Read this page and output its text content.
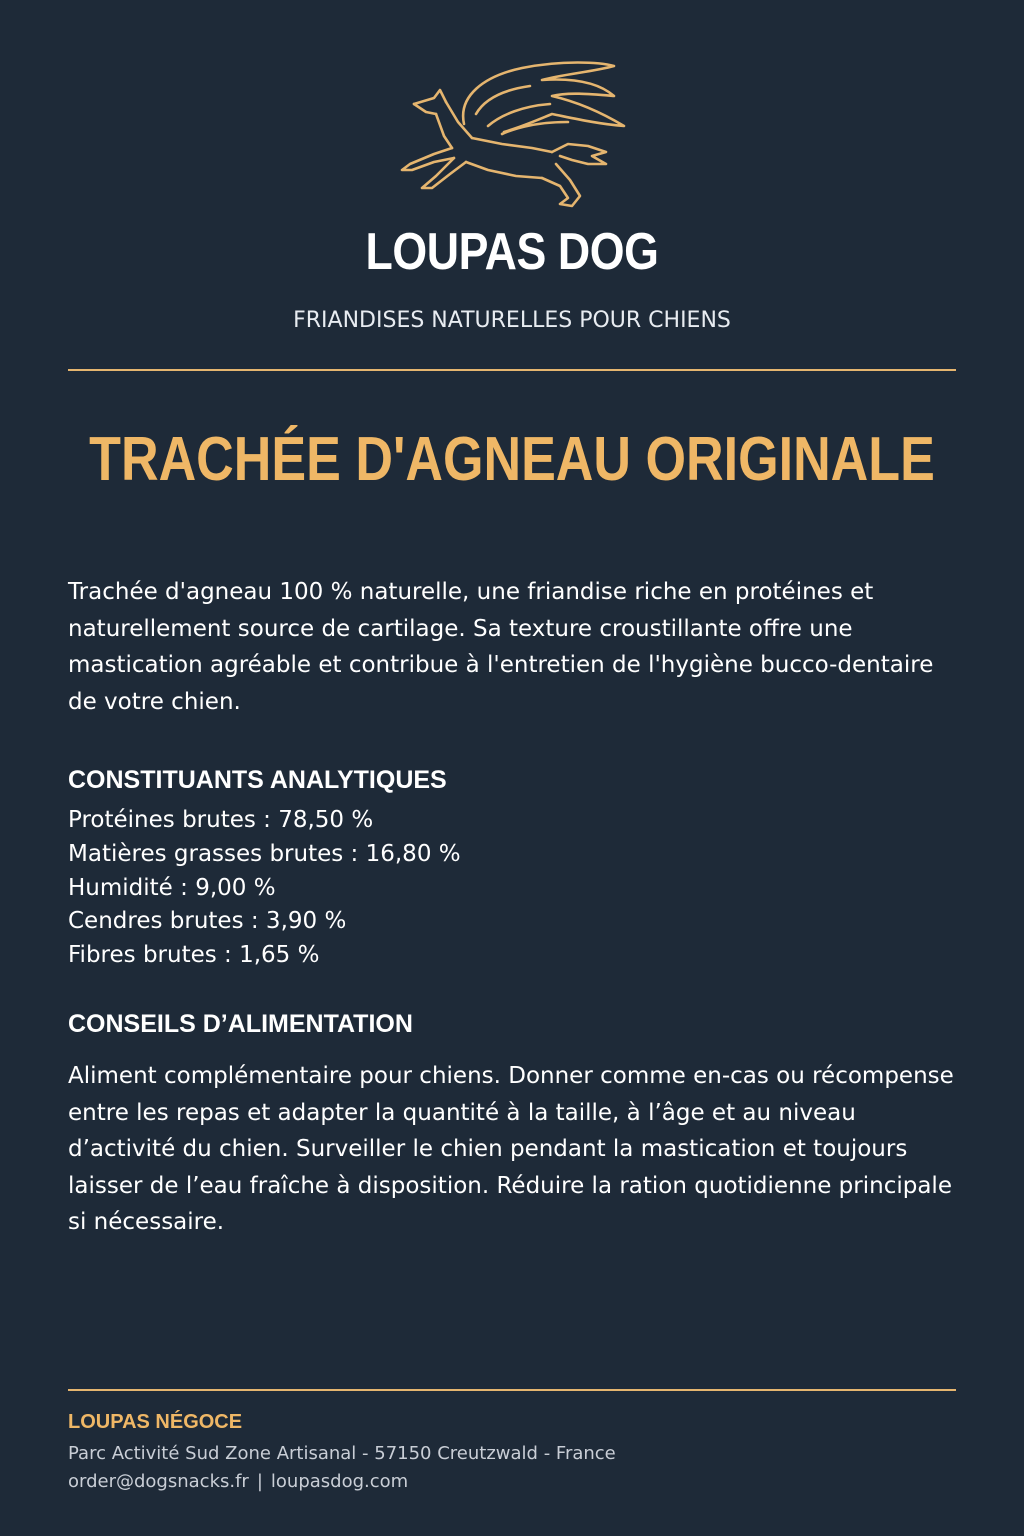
LOUPAS DOG
FRIANDISES NATURELLES POUR CHIENS
TRACHÉE D'AGNEAU ORIGINALE

Trachée d'agneau 100 % naturelle, une friandise riche en protéines et naturellement source de cartilage. Sa texture croustillante offre une mastication agréable et contribue à l'entretien de l'hygiène bucco-dentaire de votre chien.

CONSTITUANTS ANALYTIQUES
Protéines brutes : 78,50 %
Matières grasses brutes : 16,80 %
Humidité : 9,00 %
Cendres brutes : 3,90 %
Fibres brutes : 1,65 %
CONSEILS D’ALIMENTATION

Aliment complémentaire pour chiens. Donner comme en-cas ou récompense entre les repas et adapter la quantité à la taille, à l’âge et au niveau d’activité du chien. Surveiller le chien pendant la mastication et toujours laisser de l’eau fraîche à disposition. Réduire la ration quotidienne principale si nécessaire.

LOUPAS NÉGOCE
Parc Activité Sud Zone Artisanal - 57150 Creutzwald - France
order@dogsnacks.fr | loupasdog.com
